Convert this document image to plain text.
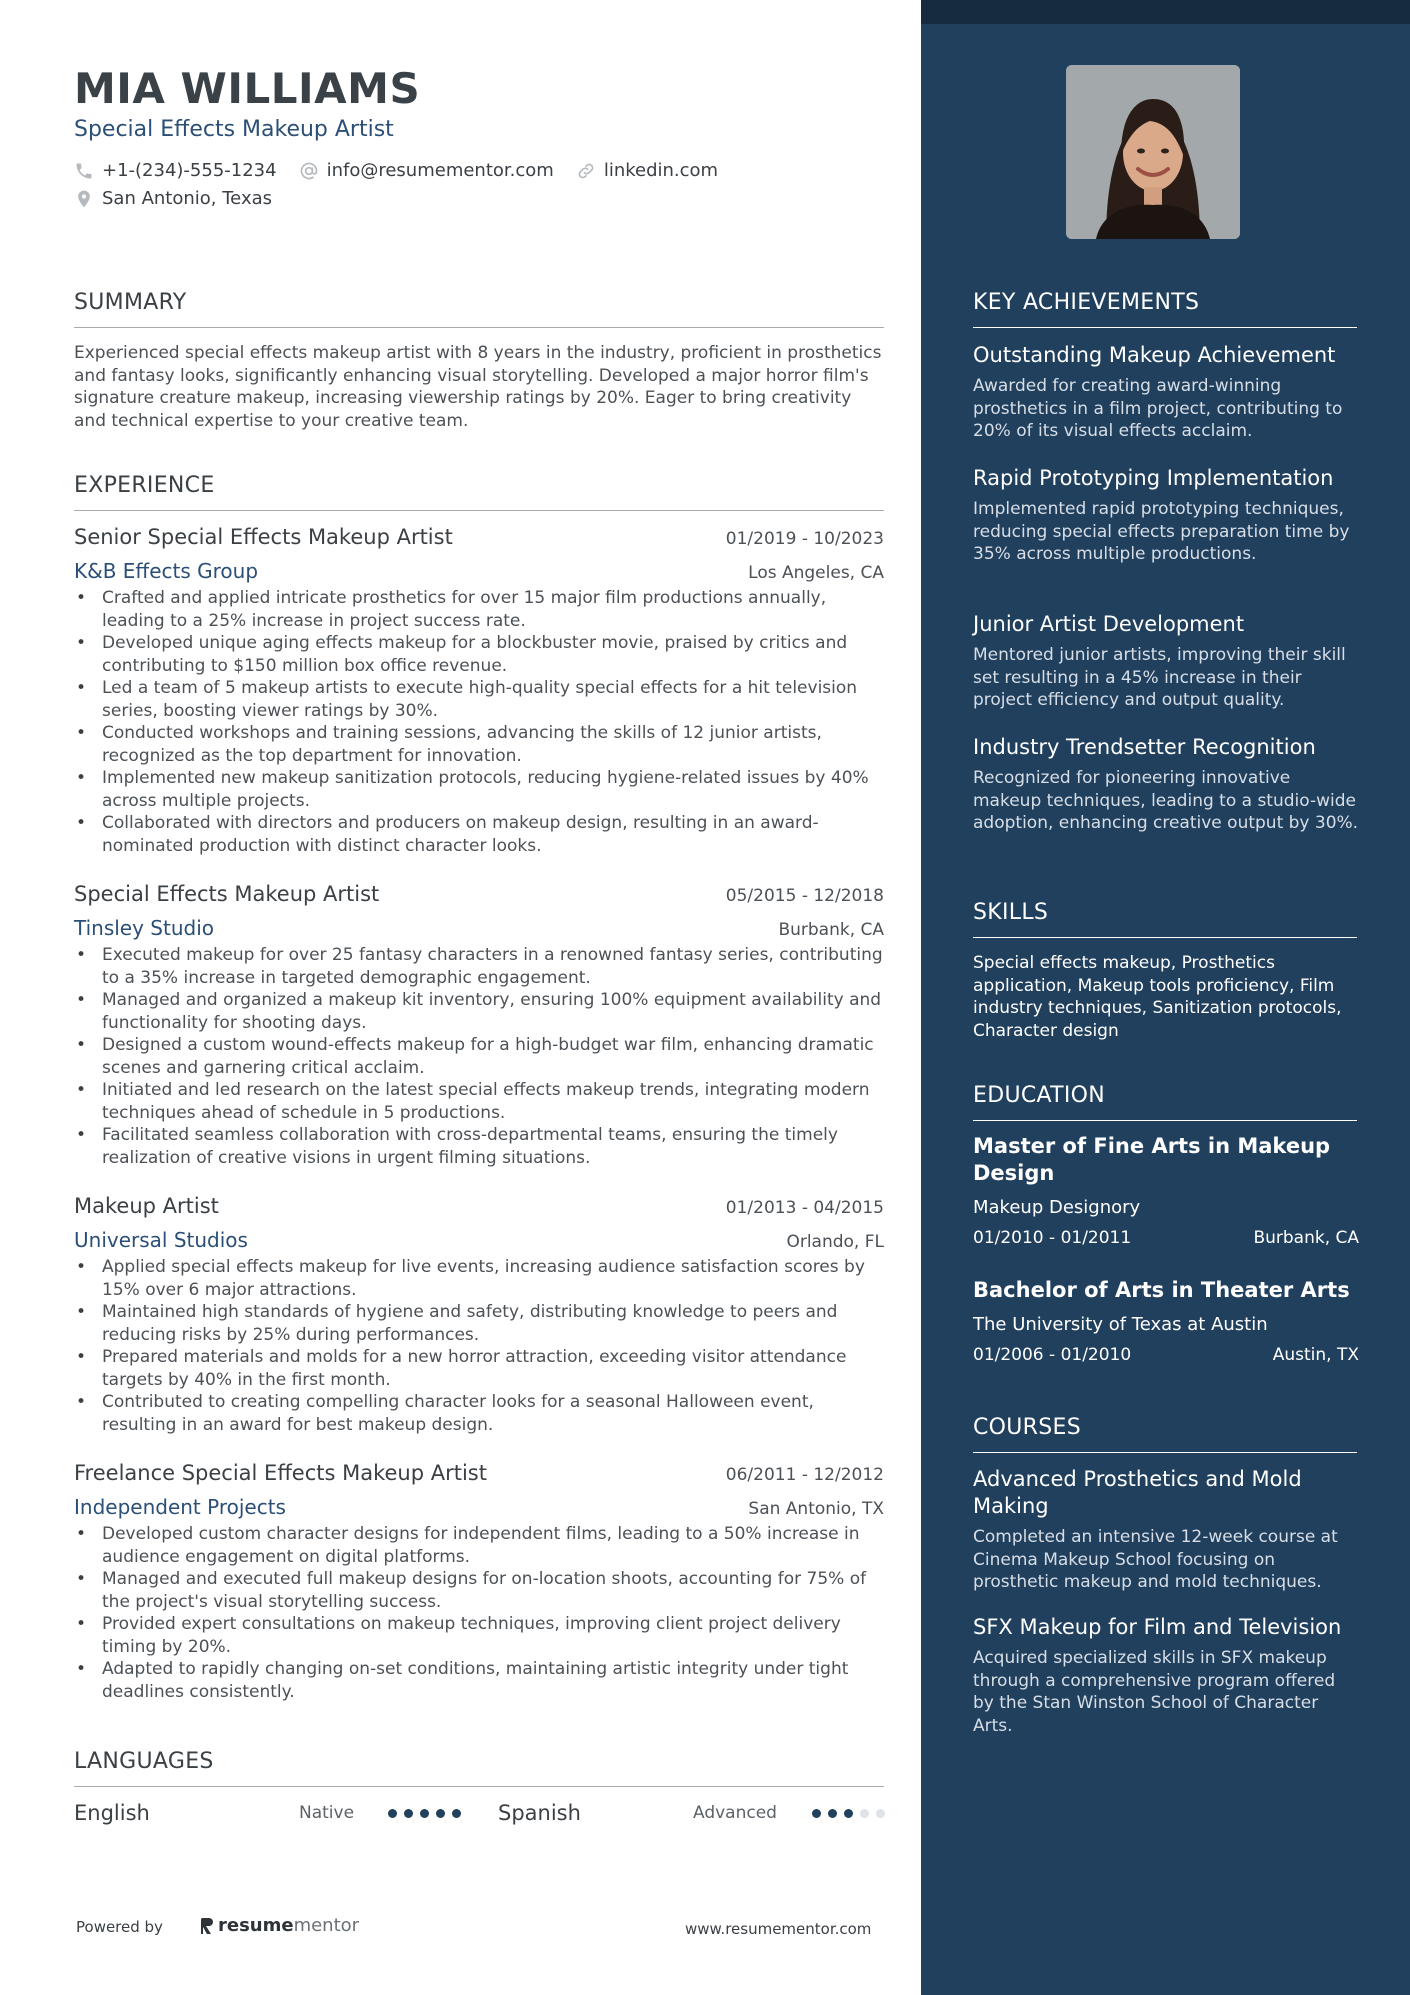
MIA WILLIAMS
Special Effects Makeup Artist
+1-(234)-555-1234	info@resumementor.com	linkedin.com
San Antonio, Texas
SUMMARY
Experienced special effects makeup artist with 8 years in the industry, proficient in prosthetics and fantasy looks, significantly enhancing visual storytelling. Developed a major horror film's signature creature makeup, increasing viewership ratings by 20%. Eager to bring creativity and technical expertise to your creative team.
EXPERIENCE
Senior Special Effects Makeup Artist	01/2019 - 10/2023
K&B Effects Group	Los Angeles, CA
• Crafted and applied intricate prosthetics for over 15 major film productions annually, leading to a 25% increase in project success rate.
• Developed unique aging effects makeup for a blockbuster movie, praised by critics and contributing to $150 million box office revenue.
• Led a team of 5 makeup artists to execute high-quality special effects for a hit television series, boosting viewer ratings by 30%.
• Conducted workshops and training sessions, advancing the skills of 12 junior artists, recognized as the top department for innovation.
• Implemented new makeup sanitization protocols, reducing hygiene-related issues by 40% across multiple projects.
• Collaborated with directors and producers on makeup design, resulting in an award-nominated production with distinct character looks.
Special Effects Makeup Artist	05/2015 - 12/2018
Tinsley Studio	Burbank, CA
• Executed makeup for over 25 fantasy characters in a renowned fantasy series, contributing to a 35% increase in targeted demographic engagement.
• Managed and organized a makeup kit inventory, ensuring 100% equipment availability and functionality for shooting days.
• Designed a custom wound-effects makeup for a high-budget war film, enhancing dramatic scenes and garnering critical acclaim.
• Initiated and led research on the latest special effects makeup trends, integrating modern techniques ahead of schedule in 5 productions.
• Facilitated seamless collaboration with cross-departmental teams, ensuring the timely realization of creative visions in urgent filming situations.
Makeup Artist	01/2013 - 04/2015
Universal Studios	Orlando, FL
• Applied special effects makeup for live events, increasing audience satisfaction scores by 15% over 6 major attractions.
• Maintained high standards of hygiene and safety, distributing knowledge to peers and reducing risks by 25% during performances.
• Prepared materials and molds for a new horror attraction, exceeding visitor attendance targets by 40% in the first month.
• Contributed to creating compelling character looks for a seasonal Halloween event, resulting in an award for best makeup design.
Freelance Special Effects Makeup Artist	06/2011 - 12/2012
Independent Projects	San Antonio, TX
• Developed custom character designs for independent films, leading to a 50% increase in audience engagement on digital platforms.
• Managed and executed full makeup designs for on-location shoots, accounting for 75% of the project's visual storytelling success.
• Provided expert consultations on makeup techniques, improving client project delivery timing by 20%.
• Adapted to rapidly changing on-set conditions, maintaining artistic integrity under tight deadlines consistently.
LANGUAGES
English	Native	Spanish	Advanced
Powered by	resume mentor	www.resumementor.com
KEY ACHIEVEMENTS
Outstanding Makeup Achievement
Awarded for creating award-winning prosthetics in a film project, contributing to 20% of its visual effects acclaim.
Rapid Prototyping Implementation
Implemented rapid prototyping techniques, reducing special effects preparation time by 35% across multiple productions.
Junior Artist Development
Mentored junior artists, improving their skill set resulting in a 45% increase in their project efficiency and output quality.
Industry Trendsetter Recognition
Recognized for pioneering innovative makeup techniques, leading to a studio-wide adoption, enhancing creative output by 30%.
SKILLS
Special effects makeup, Prosthetics application, Makeup tools proficiency, Film industry techniques, Sanitization protocols, Character design
EDUCATION
Master of Fine Arts in Makeup Design
Makeup Designory
01/2010 - 01/2011	Burbank, CA
Bachelor of Arts in Theater Arts
The University of Texas at Austin
01/2006 - 01/2010	Austin, TX
COURSES
Advanced Prosthetics and Mold Making
Completed an intensive 12-week course at Cinema Makeup School focusing on prosthetic makeup and mold techniques.
SFX Makeup for Film and Television
Acquired specialized skills in SFX makeup through a comprehensive program offered by the Stan Winston School of Character Arts.
